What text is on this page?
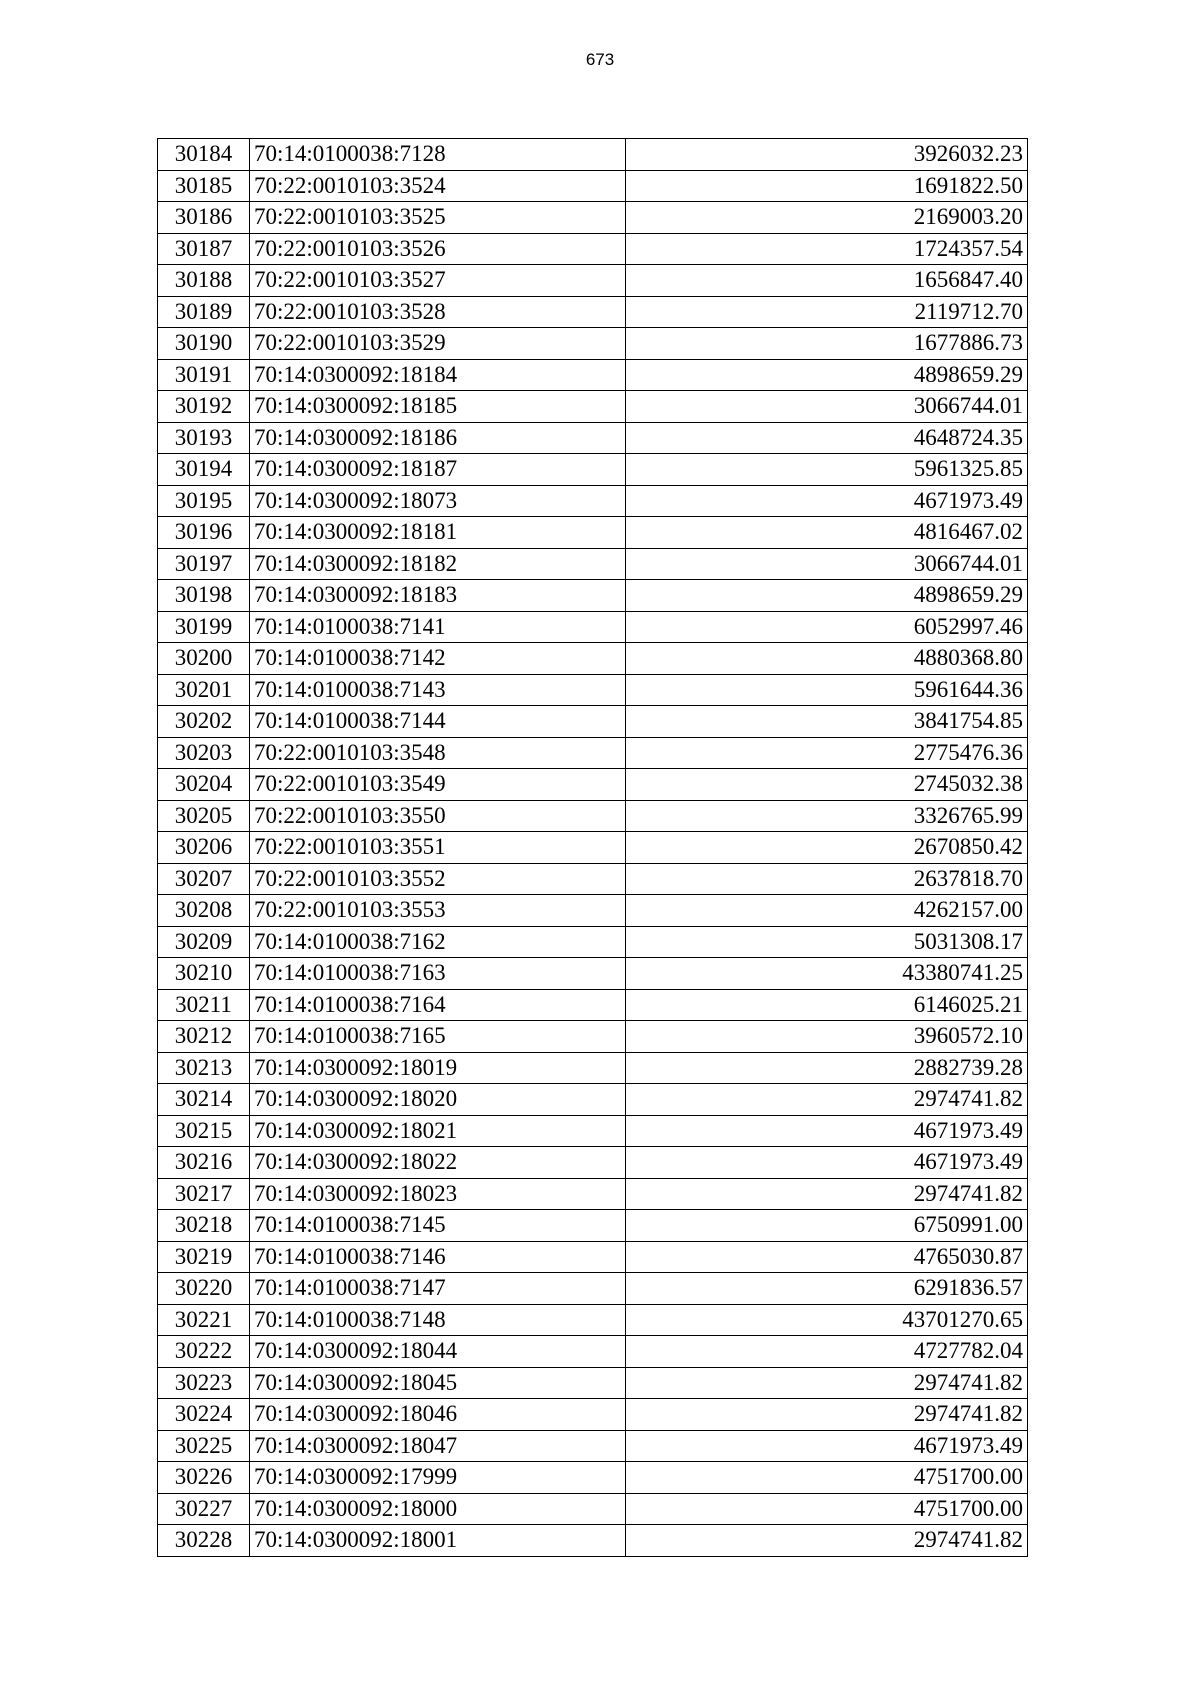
673
30184	70:14:0100038:7128	3926032.23
30185	70:22:0010103:3524	1691822.50
30186	70:22:0010103:3525	2169003.20
30187	70:22:0010103:3526	1724357.54
30188	70:22:0010103:3527	1656847.40
30189	70:22:0010103:3528	2119712.70
30190	70:22:0010103:3529	1677886.73
30191	70:14:0300092:18184	4898659.29
30192	70:14:0300092:18185	3066744.01
30193	70:14:0300092:18186	4648724.35
30194	70:14:0300092:18187	5961325.85
30195	70:14:0300092:18073	4671973.49
30196	70:14:0300092:18181	4816467.02
30197	70:14:0300092:18182	3066744.01
30198	70:14:0300092:18183	4898659.29
30199	70:14:0100038:7141	6052997.46
30200	70:14:0100038:7142	4880368.80
30201	70:14:0100038:7143	5961644.36
30202	70:14:0100038:7144	3841754.85
30203	70:22:0010103:3548	2775476.36
30204	70:22:0010103:3549	2745032.38
30205	70:22:0010103:3550	3326765.99
30206	70:22:0010103:3551	2670850.42
30207	70:22:0010103:3552	2637818.70
30208	70:22:0010103:3553	4262157.00
30209	70:14:0100038:7162	5031308.17
30210	70:14:0100038:7163	43380741.25
30211	70:14:0100038:7164	6146025.21
30212	70:14:0100038:7165	3960572.10
30213	70:14:0300092:18019	2882739.28
30214	70:14:0300092:18020	2974741.82
30215	70:14:0300092:18021	4671973.49
30216	70:14:0300092:18022	4671973.49
30217	70:14:0300092:18023	2974741.82
30218	70:14:0100038:7145	6750991.00
30219	70:14:0100038:7146	4765030.87
30220	70:14:0100038:7147	6291836.57
30221	70:14:0100038:7148	43701270.65
30222	70:14:0300092:18044	4727782.04
30223	70:14:0300092:18045	2974741.82
30224	70:14:0300092:18046	2974741.82
30225	70:14:0300092:18047	4671973.49
30226	70:14:0300092:17999	4751700.00
30227	70:14:0300092:18000	4751700.00
30228	70:14:0300092:18001	2974741.82
